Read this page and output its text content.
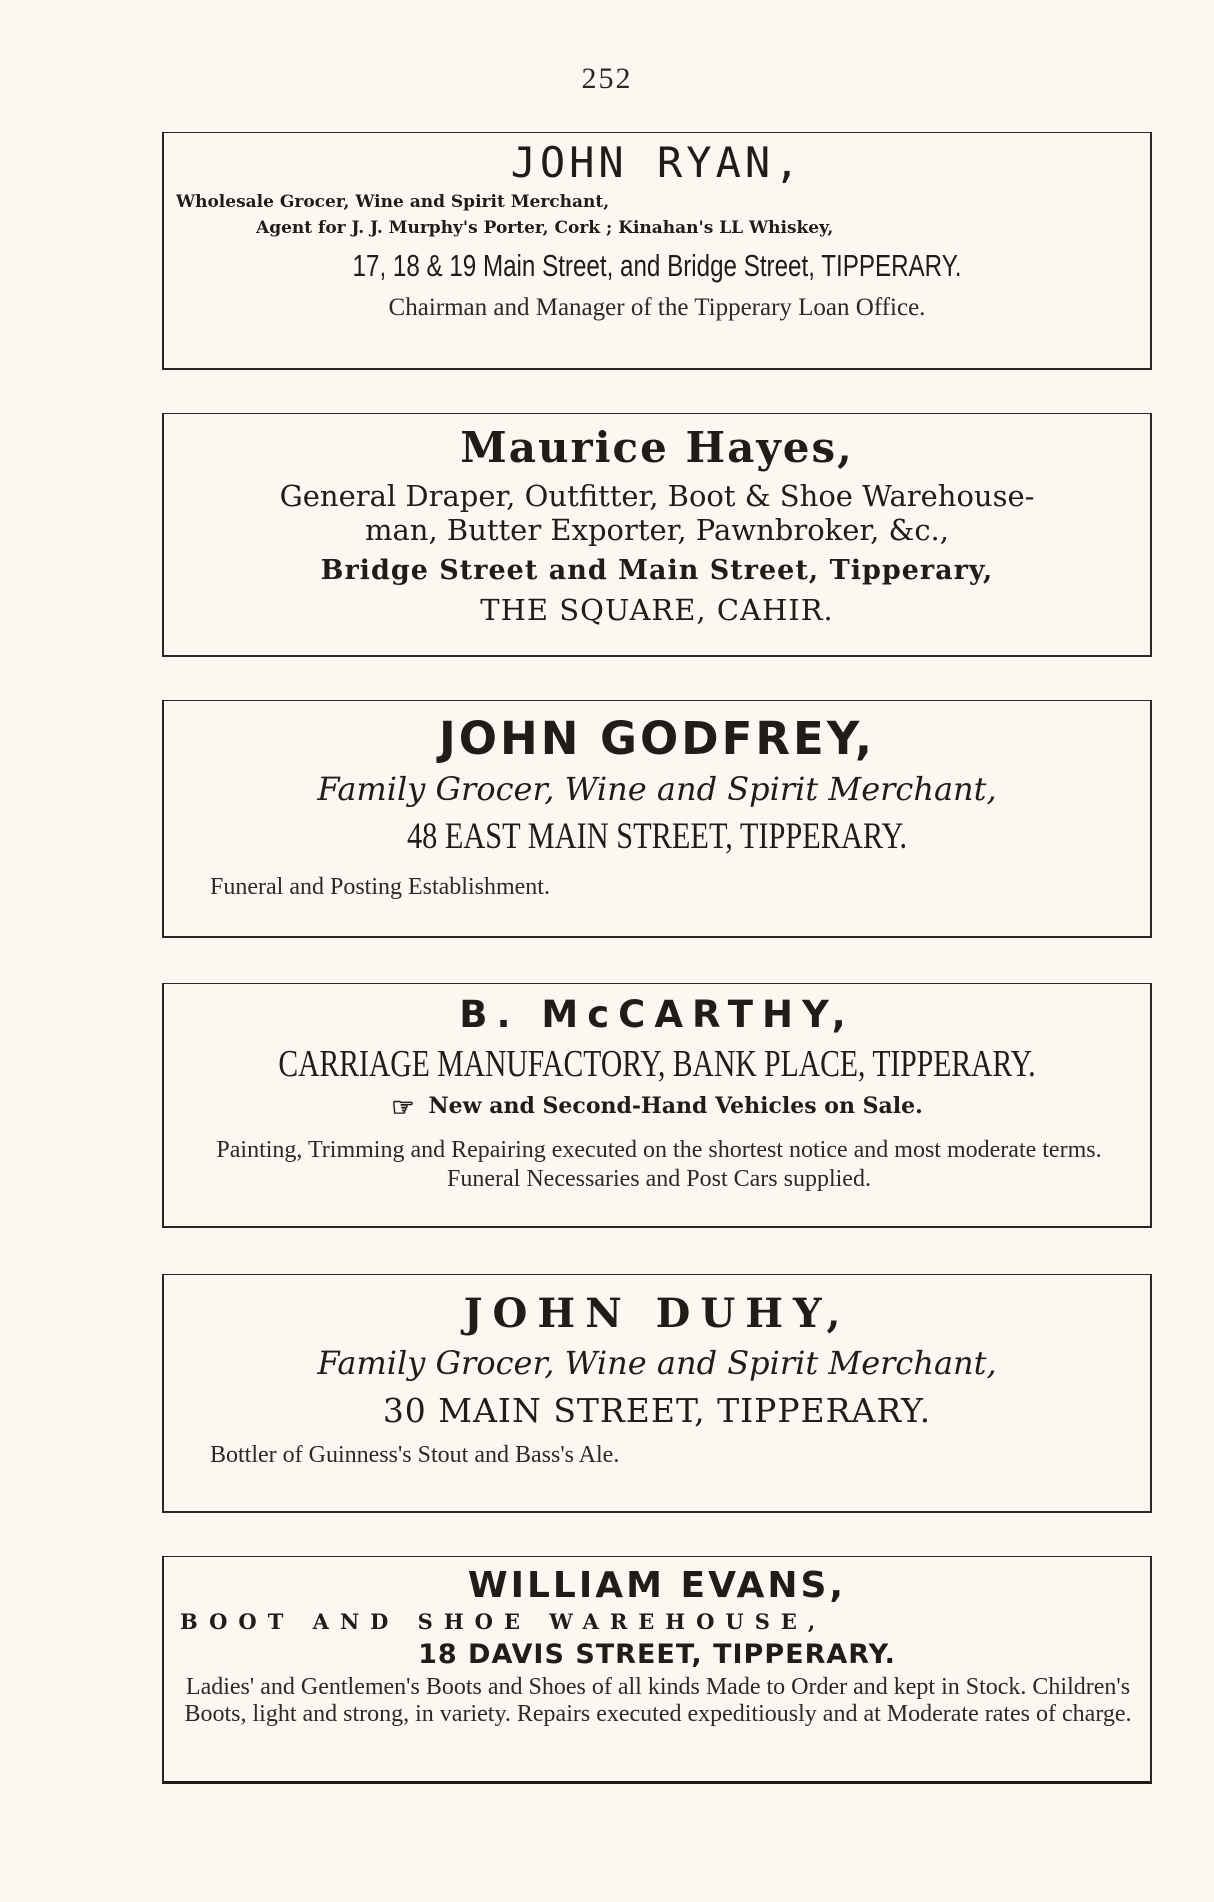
252
JOHN RYAN,
Wholesale Grocer, Wine and Spirit Merchant,
Agent for J. J. Murphy's Porter, Cork ; Kinahan's LL Whiskey,
17, 18 & 19 Main Street, and Bridge Street, TIPPERARY.
Chairman and Manager of the Tipperary Loan Office.
Maurice Hayes,
General Draper, Outfitter, Boot & Shoe Warehouse-
man, Butter Exporter, Pawnbroker, &c.,
Bridge Street and Main Street, Tipperary,
THE SQUARE, CAHIR.
JOHN GODFREY,
Family Grocer, Wine and Spirit Merchant,
48 EAST MAIN STREET, TIPPERARY.
Funeral and Posting Establishment.
B. McCARTHY,
CARRIAGE MANUFACTORY, BANK PLACE, TIPPERARY.
☞ New and Second-Hand Vehicles on Sale.
Painting, Trimming and Repairing executed on the shortest notice and most moderate terms. Funeral Necessaries and Post Cars supplied.
JOHN DUHY,
Family Grocer, Wine and Spirit Merchant,
30 MAIN STREET, TIPPERARY.
Bottler of Guinness's Stout and Bass's Ale.
WILLIAM EVANS,
BOOT AND SHOE WAREHOUSE,
18 DAVIS STREET, TIPPERARY.
Ladies' and Gentlemen's Boots and Shoes of all kinds Made to Order and kept in Stock. Children's Boots, light and strong, in variety. Repairs executed expeditiously and at Moderate rates of charge.
